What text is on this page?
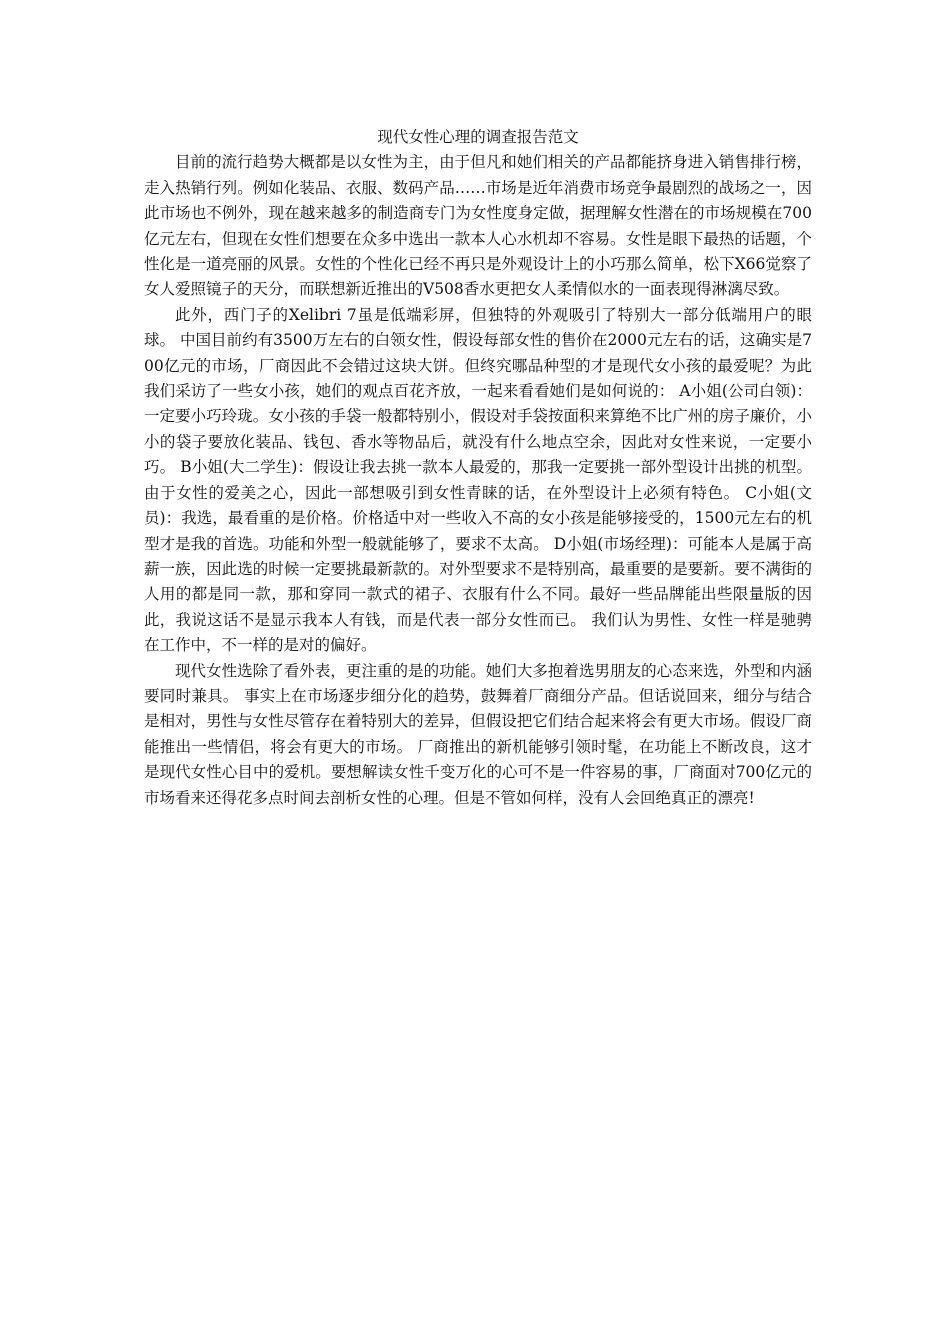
现代女性心理的调查报告范文

目前的流行趋势大概都是以女性为主，由于但凡和她们相关的产品都能挤身进入销售排行榜，走入热销行列。例如化装品、衣服、数码产品……市场是近年消费市场竞争最剧烈的战场之一，因此市场也不例外，现在越来越多的制造商专门为女性度身定做，据理解女性潜在的市场规模在700亿元左右，但现在女性们想要在众多中选出一款本人心水机却不容易。女性是眼下最热的话题，个性化是一道亮丽的风景。女性的个性化已经不再只是外观设计上的小巧那么简单，松下X66觉察了女人爱照镜子的天分，而联想新近推出的V508香水更把女人柔情似水的一面表现得淋漓尽致。

此外，西门子的Xelibri 7虽是低端彩屏，但独特的外观吸引了特别大一部分低端用户的眼球。 中国目前约有3500万左右的白领女性，假设每部女性的售价在2000元左右的话，这确实是700亿元的市场，厂商因此不会错过这块大饼。但终究哪品种型的才是现代女小孩的最爱呢？为此我们采访了一些女小孩，她们的观点百花齐放，一起来看看她们是如何说的： A小姐(公司白领)：一定要小巧玲珑。女小孩的手袋一般都特别小，假设对手袋按面积来算绝不比广州的房子廉价，小小的袋子要放化装品、钱包、香水等物品后，就没有什么地点空余，因此对女性来说，一定要小巧。 B小姐(大二学生)：假设让我去挑一款本人最爱的，那我一定要挑一部外型设计出挑的机型。由于女性的爱美之心，因此一部想吸引到女性青睐的话，在外型设计上必须有特色。 C小姐(文员)：我选，最看重的是价格。价格适中对一些收入不高的女小孩是能够接受的，1500元左右的机型才是我的首选。功能和外型一般就能够了，要求不太高。 D小姐(市场经理)：可能本人是属于高薪一族，因此选的时候一定要挑最新款的。对外型要求不是特别高，最重要的是要新。要不满街的人用的都是同一款，那和穿同一款式的裙子、衣服有什么不同。最好一些品牌能出些限量版的因此，我说这话不是显示我本人有钱，而是代表一部分女性而已。 我们认为男性、女性一样是驰骋在工作中，不一样的是对的偏好。

现代女性选除了看外表，更注重的是的功能。她们大多抱着选男朋友的心态来选，外型和内涵要同时兼具。 事实上在市场逐步细分化的趋势，鼓舞着厂商细分产品。但话说回来，细分与结合是相对，男性与女性尽管存在着特别大的差异，但假设把它们结合起来将会有更大市场。假设厂商能推出一些情侣，将会有更大的市场。 厂商推出的新机能够引领时髦，在功能上不断改良，这才是现代女性心目中的爱机。要想解读女性千变万化的心可不是一件容易的事，厂商面对700亿元的市场看来还得花多点时间去剖析女性的心理。但是不管如何样，没有人会回绝真正的漂亮!
